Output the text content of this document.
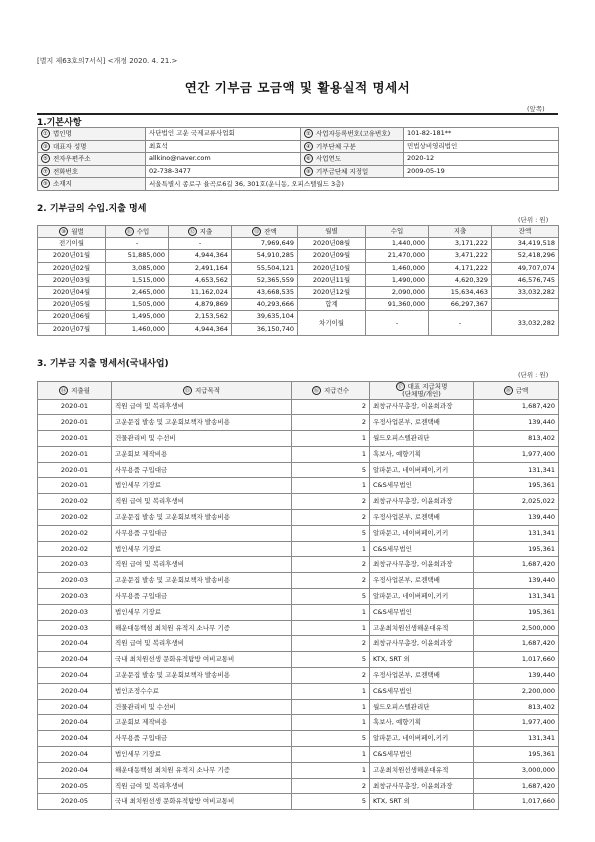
[별지 제63호의7서식] <개정 2020. 4. 21.>
연간 기부금 모금액 및 활용실적 명세서
(앞쪽)
1.기본사항
① 법인명	사단법인 고운 국제교류사업회	② 사업자등록번호(고유번호)	101-82-181**
③ 대표자 성명	최효석	④ 기부단체 구분	민법상비영리법인
⑤ 전자우편주소	allkino@naver.com	⑥ 사업연도	2020-12
⑦ 전화번호	02-738-3477	⑧ 기부금단체 지정일	2009-05-19
⑨ 소재지	서울특별시 종로구 율곡로6길 36, 301호(운니동, 오피스텔월드 3층)		
2. 기부금의 수입.지출 명세
(단위 : 원)
⑩ 월별	⑪ 수입	⑫ 지출	⑬ 잔액	월별	수입	지출	잔액
전기이월	-	-	7,969,649	2020년08월	1,440,000	3,171,222	34,419,518
2020년01월	51,885,000	4,944,364	54,910,285	2020년09월	21,470,000	3,471,222	52,418,296
2020년02월	3,085,000	2,491,164	55,504,121	2020년10월	1,460,000	4,171,222	49,707,074
2020년03월	1,515,000	4,653,562	52,365,559	2020년11월	1,490,000	4,620,329	46,576,745
2020년04월	2,465,000	11,162,024	43,668,535	2020년12월	2,090,000	15,634,463	33,032,282
2020년05월	1,505,000	4,879,869	40,293,666	합계	91,360,000	66,297,367	
2020년06월	1,495,000	2,153,562	39,635,104	차기이월	-	-	33,032,282
2020년07월	1,460,000	4,944,364	36,150,740				
3. 기부금 지출 명세서(국내사업)
(단위 : 원)
⑭ 지출월	⑮ 지급목적	⑯ 지급건수	⑰ 대표 지급처명
(단체명/개인)	⑱ 금액
2020-01	직원 급여 및 복리후생비	2	최창규사무총장, 이윤희과장	1,687,420
2020-01	고운문집 발송 및 고운회보책자 발송비용	2	우정사업본부, 로젠택배	139,440
2020-01	건물관리비 및 수선비	1	월드오피스텔관리단	813,402
2020-01	고운회보 제작비용	1	혹보사, 예향기획	1,977,400
2020-01	사무용품 구입대금	5	알파문고, 네이버페이,키키	131,341
2020-01	법인세무 기장료	1	C&S세무법인	195,361
2020-02	직원 급여 및 복리후생비	2	최창규사무총장, 이윤희과장	2,025,022
2020-02	고운문집 발송 및 고운회보책자 발송비용	2	우정사업본부, 로젠택배	139,440
2020-02	사무용품 구입대금	5	알파문고, 네이버페이,키키	131,341
2020-02	법인세무 기장료	1	C&S세무법인	195,361
2020-03	직원 급여 및 복리후생비	2	최창규사무총장, 이윤희과장	1,687,420
2020-03	고운문집 발송 및 고운회보책자 발송비용	2	우정사업본부, 로젠택배	139,440
2020-03	사무용품 구입대금	5	알파문고, 네이버페이,키키	131,341
2020-03	법인세무 기장료	1	C&S세무법인	195,361
2020-03	해운대동백섬 최치원 유적지 소나무 기증	1	고운최치원선생해운대유적	2,500,000
2020-04	직원 급여 및 복리후생비	2	최창규사무총장, 이윤희과장	1,687,420
2020-04	국내 최치원선생 문화유적탐방 여비교통비	5	KTX, SRT 외	1,017,660
2020-04	고운문집 발송 및 고운회보책자 발송비용	2	우정사업본부, 로젠택배	139,440
2020-04	법인조정수수료	1	C&S세무법인	2,200,000
2020-04	건물관리비 및 수선비	1	월드오피스텔관리단	813,402
2020-04	고운회보 제작비용	1	혹보사, 예향기획	1,977,400
2020-04	사무용품 구입대금	5	알파문고, 네이버페이,키키	131,341
2020-04	법인세무 기장료	1	C&S세무법인	195,361
2020-04	해운대동백섬 최치원 유적지 소나무 기증	1	고운최치원선생해운대유적	3,000,000
2020-05	직원 급여 및 복리후생비	2	최창규사무총장, 이윤희과장	1,687,420
2020-05	국내 최치원선생 문화유적탐방 여비교통비	5	KTX, SRT 외	1,017,660
